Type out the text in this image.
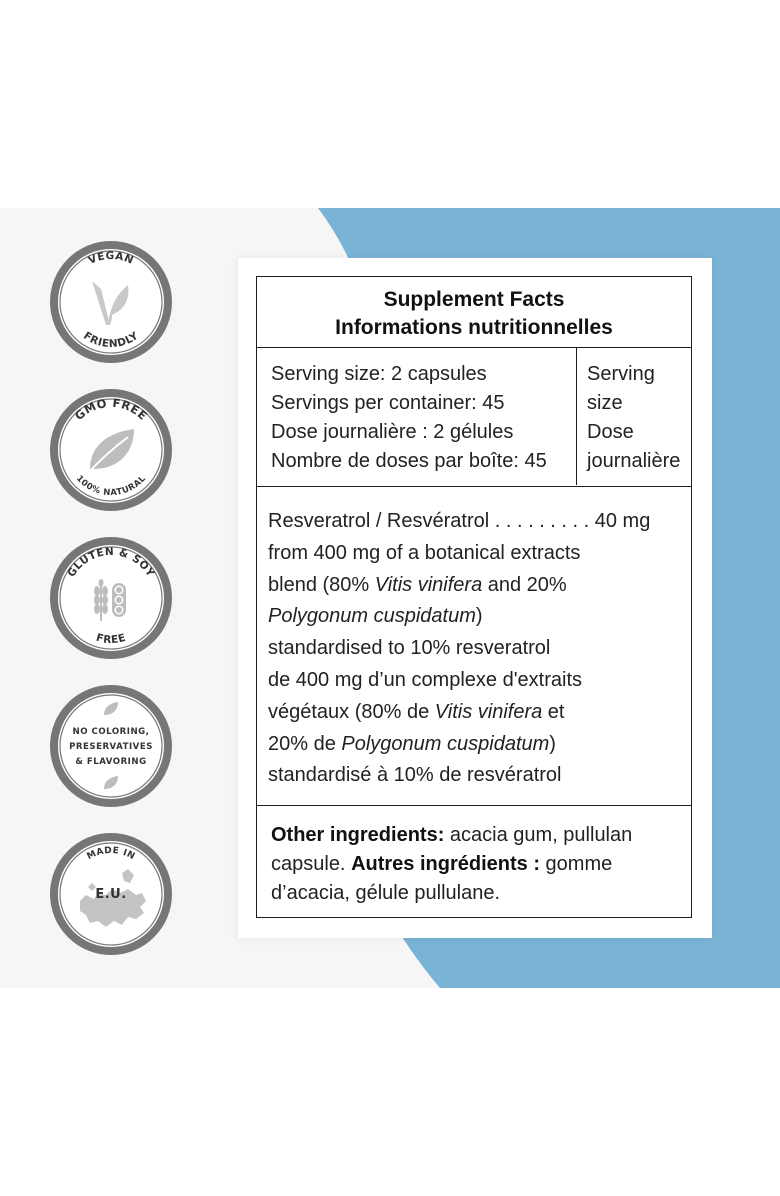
VEGAN
FRIENDLY
GMO FREE
100% NATURAL
GLUTEN & SOY
FREE
NO COLORING,
PRESERVATIVES
& FLAVORING
MADE IN
E.U.
Supplement Facts
Informations nutritionnelles
Serving size: 2 capsules
Servings per container: 45
Dose journalière : 2 gélules
Nombre de doses par boîte: 45
Serving
size
Dose
journalière
Resveratrol / Resvératrol . . . . . . . . . 40 mg
from 400 mg of a botanical extracts
blend (80% Vitis vinifera and 20%
Polygonum cuspidatum)
standardised to 10% resveratrol
de 400 mg d’un complexe d'extraits
végétaux (80% de Vitis vinifera et
20% de Polygonum cuspidatum)
standardisé à 10% de resvératrol
Other ingredients: acacia gum, pullulan
capsule. Autres ingrédients : gomme
d’acacia, gélule pullulane.
